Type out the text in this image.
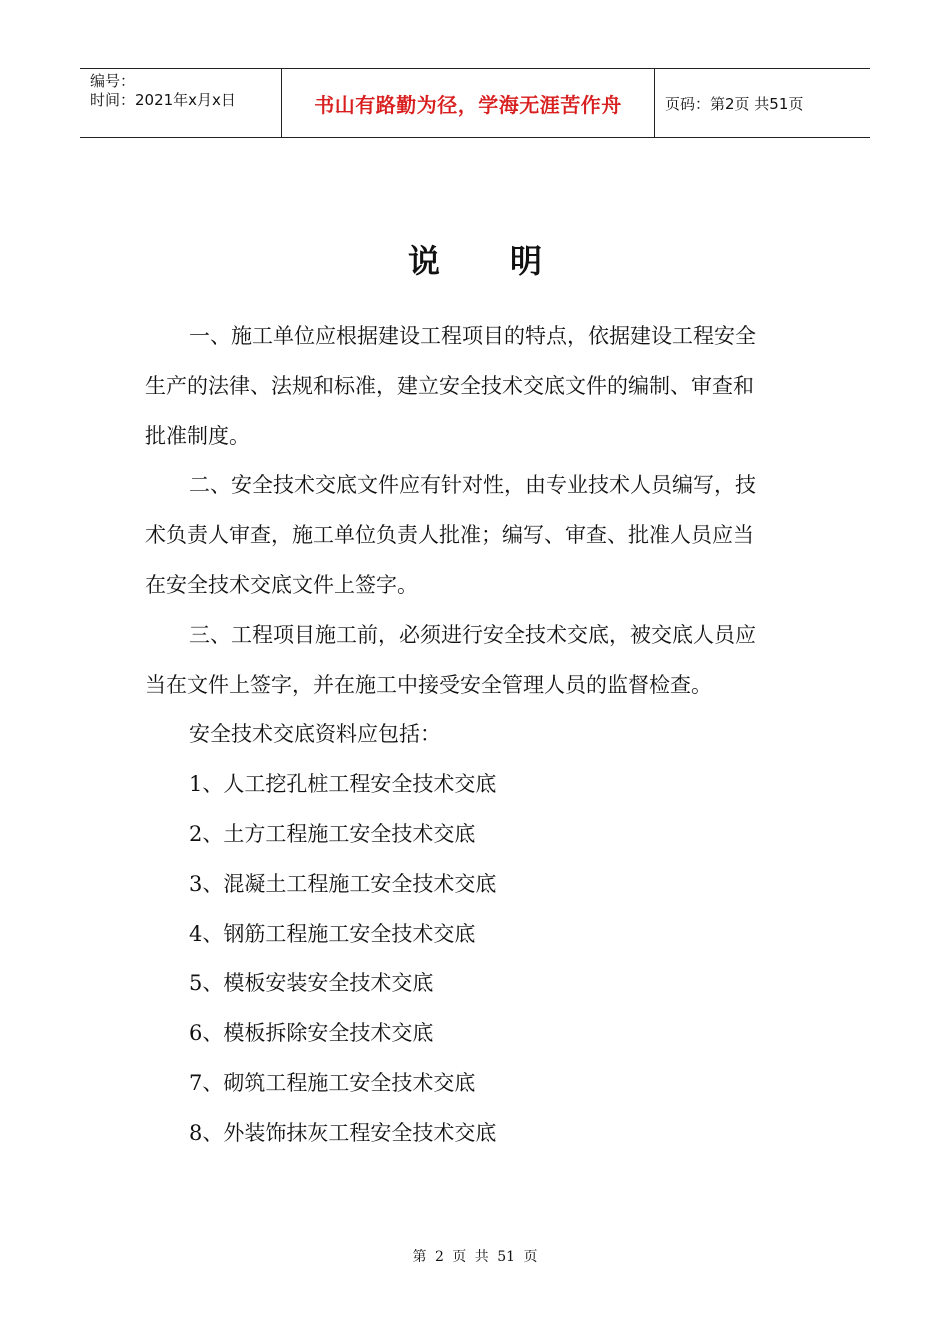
编号：
时间：2021年x月x日	书山有路勤为径，学海无涯苦作舟	页码：第2页 共51页
说 明

一、施工单位应根据建设工程项目的特点，依据建设工程安全生产的法律、法规和标准，建立安全技术交底文件的编制、审查和批准制度。

二、安全技术交底文件应有针对性，由专业技术人员编写，技术负责人审查，施工单位负责人批准；编写、审查、批准人员应当在安全技术交底文件上签字。

三、工程项目施工前，必须进行安全技术交底，被交底人员应当在文件上签字，并在施工中接受安全管理人员的监督检查。

安全技术交底资料应包括：
1、人工挖孔桩工程安全技术交底
2、土方工程施工安全技术交底
3、混凝土工程施工安全技术交底
4、钢筋工程施工安全技术交底
5、模板安装安全技术交底
6、模板拆除安全技术交底
7、砌筑工程施工安全技术交底
8、外装饰抹灰工程安全技术交底
第 2 页 共 51 页
